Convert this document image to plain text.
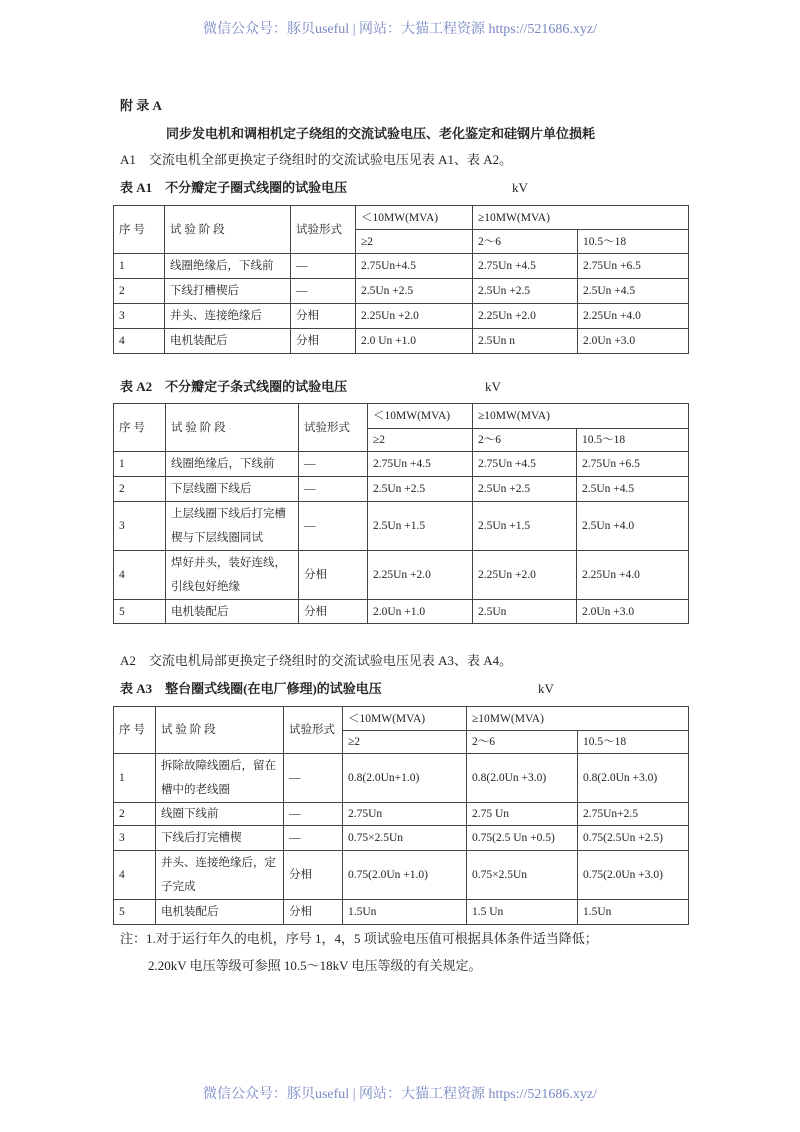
微信公众号：豚贝useful | 网站：大猫工程资源 https://521686.xyz/
附 录 A
同步发电机和调相机定子绕组的交流试验电压、老化鉴定和硅钢片单位损耗
A1　交流电机全部更换定子绕组时的交流试验电压见表 A1、表 A2。
表 A1　不分瓣定子圈式线圈的试验电压	kV
序 号	试 验 阶 段	试验形式	＜10MW(MVA)	≥10MW(MVA)	
			≥2	2～6	10.5～18
1	线圈绝缘后，下线前	—	2.75Un+4.5	2.75Un +4.5	2.75Un +6.5
2	下线打槽楔后	—	2.5Un +2.5	2.5Un +2.5	2.5Un +4.5
3	并头、连接绝缘后	分相	2.25Un +2.0	2.25Un +2.0	2.25Un +4.0
4	电机装配后	分相	2.0 Un +1.0	2.5Un n	2.0Un +3.0
表 A2　不分瓣定子条式线圈的试验电压	kV
序 号	试 验 阶 段	试验形式	＜10MW(MVA)	≥10MW(MVA)	
			≥2	2～6	10.5～18
1	线圈绝缘后，下线前	—	2.75Un +4.5	2.75Un +4.5	2.75Un +6.5
2	下层线圈下线后	—	2.5Un +2.5	2.5Un +2.5	2.5Un +4.5
3	上层线圈下线后打完槽楔与下层线圈同试	—	2.5Un +1.5	2.5Un +1.5	2.5Un +4.0
4	焊好并头，装好连线，引线包好绝缘	分相	2.25Un +2.0	2.25Un +2.0	2.25Un +4.0
5	电机装配后	分相	2.0Un +1.0	2.5Un	2.0Un +3.0
A2　交流电机局部更换定子绕组时的交流试验电压见表 A3、表 A4。
表 A3　整台圈式线圈(在电厂修理)的试验电压	kV
序 号	试 验 阶 段	试验形式	＜10MW(MVA)	≥10MW(MVA)	
			≥2	2～6	10.5～18
1	拆除故障线圈后，留在槽中的老线圈	—	0.8(2.0Un+1.0)	0.8(2.0Un +3.0)	0.8(2.0Un +3.0)
2	线圈下线前	—	2.75Un	2.75 Un	2.75Un+2.5
3	下线后打完槽楔	—	0.75×2.5Un	0.75(2.5 Un +0.5)	0.75(2.5Un +2.5)
4	并头、连接绝缘后，定子完成	分相	0.75(2.0Un +1.0)	0.75×2.5Un	0.75(2.0Un +3.0)
5	电机装配后	分相	1.5Un	1.5 Un	1.5Un
注：1.对于运行年久的电机，序号 1，4，5 项试验电压值可根据具体条件适当降低；
2.20kV 电压等级可参照 10.5～18kV 电压等级的有关规定。
微信公众号：豚贝useful | 网站：大猫工程资源 https://521686.xyz/
